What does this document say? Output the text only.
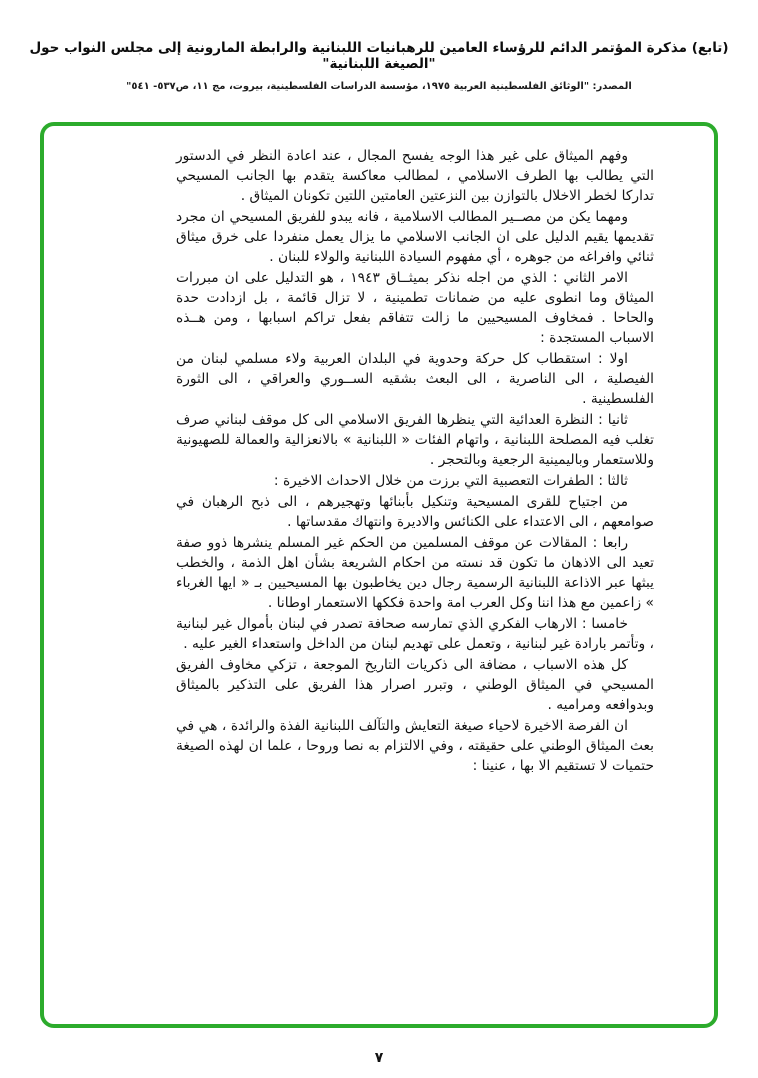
(تابع) مذكرة المؤتمر الدائم للرؤساء العامين للرهبانيات اللبنانية والرابطة المارونية إلى مجلس النواب حول "الصيغة اللبنانية"
المصدر: "الوثائق الفلسطينية العربية ١٩٧٥، مؤسسة الدراسات الفلسطينية، بيروت، مج ١١، ص٥٣٧- ٥٤١"

وفهم الميثاق على غير هذا الوجه يفسح المجال ، عند اعادة النظر في الدستور التي يطالب بها الطرف الاسلامي ، لمطالب معاكسة يتقدم بها الجانب المسيحي تداركا لخطر الاخلال بالتوازن بين النزعتين العامتين اللتين تكونان الميثاق .

ومهما يكن من مصــير المطالب الاسلامية ، فانه يبدو للفريق المسيحي ان مجرد تقديمها يقيم الدليل على ان الجانب الاسلامي ما يزال يعمل منفردا على خرق ميثاق ثنائي وافراغه من جوهره ، أي مفهوم السيادة اللبنانية والولاء للبنان .

الامر الثاني : الذي من اجله نذكر بميثــاق ١٩٤٣ ، هو التدليل على ان مبررات الميثاق وما انطوى عليه من ضمانات تطمينية ، لا تزال قائمة ، بل ازدادت حدة والحاحا . فمخاوف المسيحيين ما زالت تتفاقم بفعل تراكم اسبابها ، ومن هــذه الاسباب المستجدة :

اولا : استقطاب كل حركة وحدوية في البلدان العربية ولاء مسلمي لبنان من الفيصلية ، الى الناصرية ، الى البعث بشقيه الســوري والعراقي ، الى الثورة الفلسطينية .

ثانيا : النظرة العدائية التي ينظرها الفريق الاسلامي الى كل موقف لبناني صرف تغلب فيه المصلحة اللبنانية ، واتهام الفئات « اللبنانية » بالانعزالية والعمالة للصهيونية وللاستعمار وباليمينية الرجعية وبالتحجر .

ثالثا : الطفرات التعصبية التي برزت من خلال الاحداث الاخيرة :

من اجتياح للقرى المسيحية وتنكيل بأبنائها وتهجيرهم ، الى ذبح الرهبان في صوامعهم ، الى الاعتداء على الكنائس والاديرة وانتهاك مقدساتها .

رابعا : المقالات عن موقف المسلمين من الحكم غير المسلم ينشرها ذوو صفة تعيد الى الاذهان ما تكون قد نسته من احكام الشريعة بشأن اهل الذمة ، والخطب يبثها عبر الاذاعة اللبنانية الرسمية رجال دين يخاطبون بها المسيحيين بـ « ايها الغرباء » زاعمين مع هذا اننا وكل العرب امة واحدة فككها الاستعمار اوطانا .

خامسا : الارهاب الفكري الذي تمارسه صحافة تصدر في لبنان بأموال غير لبنانية ، وتأتمر بارادة غير لبنانية ، وتعمل على تهديم لبنان من الداخل واستعداء الغير عليه .

كل هذه الاسباب ، مضافة الى ذكريات التاريخ الموجعة ، تزكي مخاوف الفريق المسيحي في الميثاق الوطني ، وتبرر اصرار هذا الفريق على التذكير بالميثاق وبدوافعه ومراميه .

ان الفرصة الاخيرة لاحياء صيغة التعايش والتآلف اللبنانية الفذة والرائدة ، هي في بعث الميثاق الوطني على حقيقته ، وفي الالتزام به نصا وروحا ، علما ان لهذه الصيغة حتميات لا تستقيم الا بها ، عنينا :

٧
